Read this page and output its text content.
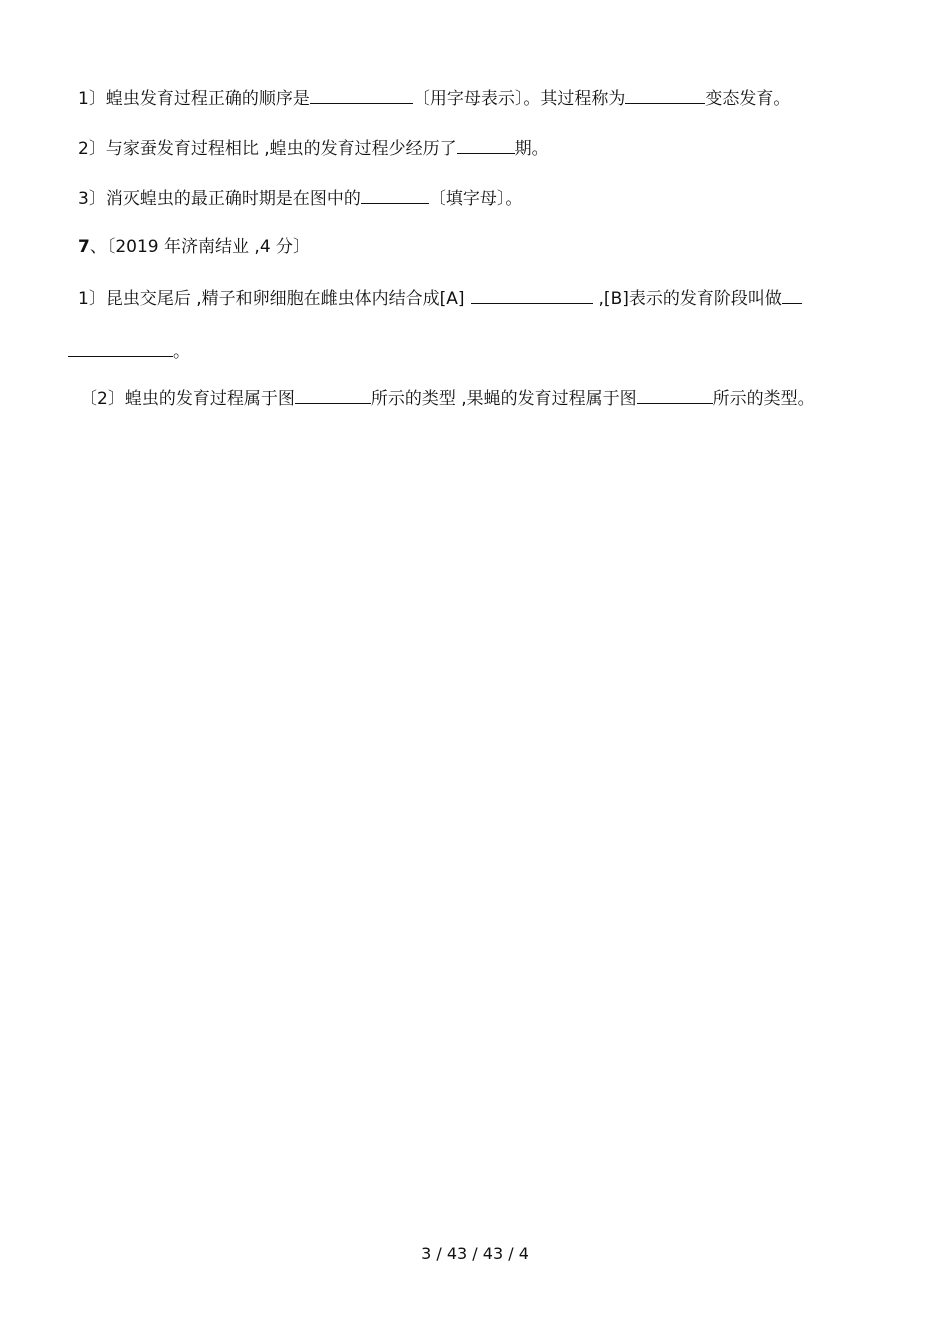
1〕蝗虫发育过程正确的顺序是	〔用字母表示〕。其过程称为	变态发育。
2〕与家蚕发育过程相比 ,蝗虫的发育过程少经历了	期。
3〕消灭蝗虫的最正确时期是在图中的	〔填字母〕。
7、〔2019 年济南结业 ,4 分〕
1〕昆虫交尾后 ,精子和卵细胞在雌虫体内结合成[A]	,[B]表示的发育阶段叫做
。
〔2〕蝗虫的发育过程属于图	所示的类型 ,果蝇的发育过程属于图	所示的类型。
3 / 43 / 43 / 4
